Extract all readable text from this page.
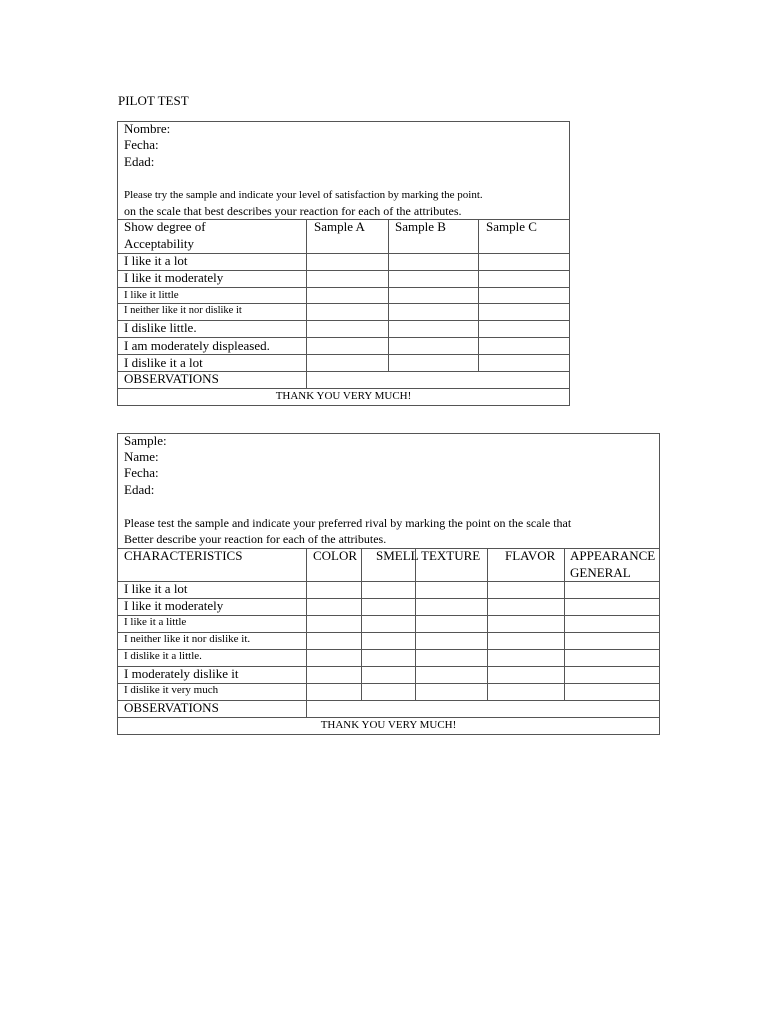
PILOT TEST
Nombre:
Fecha:
Edad:
Please try the sample and indicate your level of satisfaction by marking the point.
on the scale that best describes your reaction for each of the attributes.
Show degree of
Acceptability
Sample A Sample B	Sample C
I like it a lot
I like it moderately
I like it little
I neither like it nor dislike it
I dislike little.
I am moderately displeased.
I dislike it a lot
OBSERVATIONS
THANK YOU VERY MUCH!
Sample:
Name:
Fecha:
Edad:
Please test the sample and indicate your preferred rival by marking the point on the scale that
Better describe your reaction for each of the attributes.
CHARACTERISTICS	COLOR SMELL TEXTURE FLAVOR APPEARANCE
GENERAL
I like it a lot
I like it moderately
I like it a little
I neither like it nor dislike it.
I dislike it a little.
I moderately dislike it
I dislike it very much
OBSERVATIONS
THANK YOU VERY MUCH!
